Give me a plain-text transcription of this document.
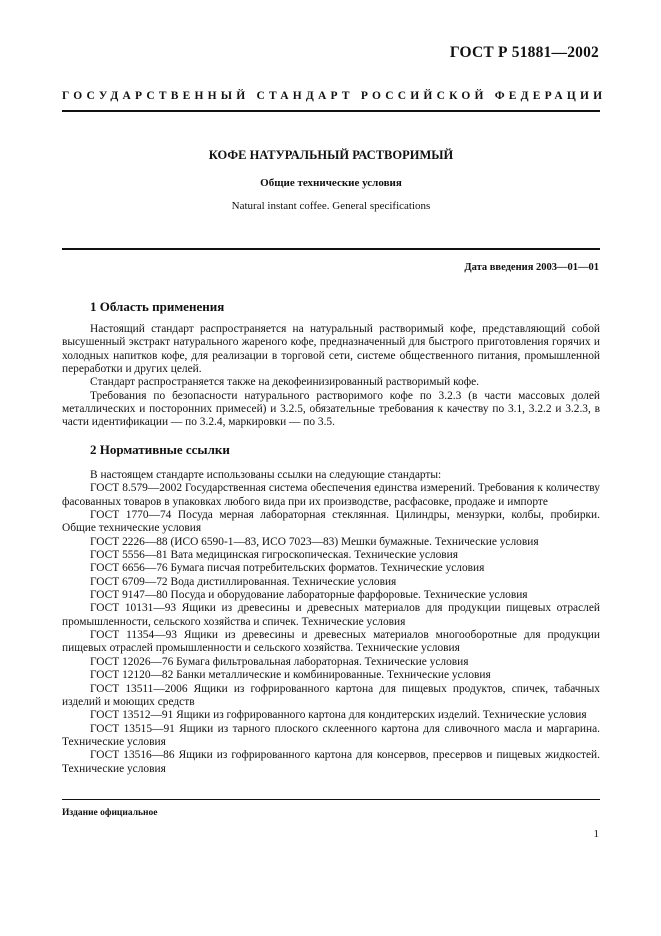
ГОСТ Р 51881—2002
ГОСУДАРСТВЕННЫЙ СТАНДАРТ РОССИЙСКОЙ ФЕДЕРАЦИИ
КОФЕ НАТУРАЛЬНЫЙ РАСТВОРИМЫЙ
Общие технические условия
Natural instant coffee. General specifications
Дата введения 2003—01—01
1 Область применения

Настоящий стандарт распространяется на натуральный растворимый кофе, представляющий собой высушенный экстракт натурального жареного кофе, предназначенный для быстрого приготовления горячих и холодных напитков кофе, для реализации в торговой сети, системе общественного питания, промышленной переработки и других целей.

Стандарт распространяется также на декофеинизированный растворимый кофе.

Требования по безопасности натурального растворимого кофе по 3.2.3 (в части массовых долей металлических и посторонних примесей) и 3.2.5, обязательные требования к качеству по 3.1, 3.2.2 и 3.2.3, в части идентификации — по 3.2.4, маркировки — по 3.5.

2 Нормативные ссылки

В настоящем стандарте использованы ссылки на следующие стандарты:

ГОСТ 8.579—2002 Государственная система обеспечения единства измерений. Требования к количеству фасованных товаров в упаковках любого вида при их производстве, расфасовке, продаже и импорте

ГОСТ 1770—74 Посуда мерная лабораторная стеклянная. Цилиндры, мензурки, колбы, пробирки. Общие технические условия

ГОСТ 2226—88 (ИСО 6590-1—83, ИСО 7023—83) Мешки бумажные. Технические условия

ГОСТ 5556—81 Вата медицинская гигроскопическая. Технические условия

ГОСТ 6656—76 Бумага писчая потребительских форматов. Технические условия

ГОСТ 6709—72 Вода дистиллированная. Технические условия

ГОСТ 9147—80 Посуда и оборудование лабораторные фарфоровые. Технические условия

ГОСТ 10131—93 Ящики из древесины и древесных материалов для продукции пищевых отраслей промышленности, сельского хозяйства и спичек. Технические условия

ГОСТ 11354—93 Ящики из древесины и древесных материалов многооборотные для продукции пищевых отраслей промышленности и сельского хозяйства. Технические условия

ГОСТ 12026—76 Бумага фильтровальная лабораторная. Технические условия

ГОСТ 12120—82 Банки металлические и комбинированные. Технические условия

ГОСТ 13511—2006 Ящики из гофрированного картона для пищевых продуктов, спичек, табачных изделий и моющих средств

ГОСТ 13512—91 Ящики из гофрированного картона для кондитерских изделий. Технические условия

ГОСТ 13515—91 Ящики из тарного плоского склеенного картона для сливочного масла и маргарина. Технические условия

ГОСТ 13516—86 Ящики из гофрированного картона для консервов, пресервов и пищевых жидкостей. Технические условия

Издание официальное
1
